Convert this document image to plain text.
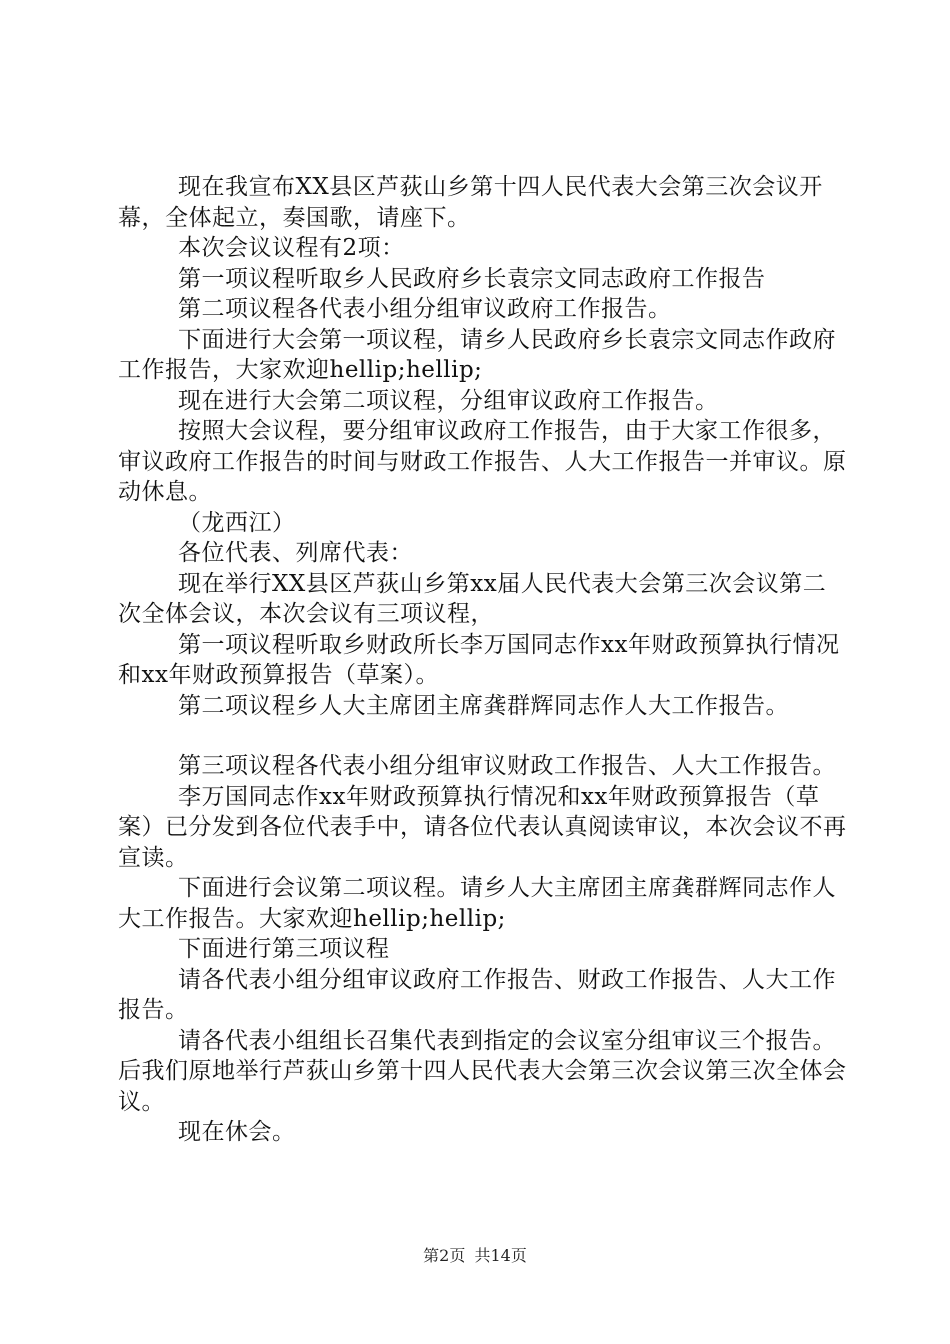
现在我宣布XX县区芦荻山乡第十四人民代表大会第三次会议开幕，全体起立，奏国歌，请座下。

本次会议议程有2项：

第一项议程听取乡人民政府乡长袁宗文同志政府工作报告

第二项议程各代表小组分组审议政府工作报告。

下面进行大会第一项议程，请乡人民政府乡长袁宗文同志作政府工作报告，大家欢迎hellip;hellip;

现在进行大会第二项议程，分组审议政府工作报告。

按照大会议程，要分组审议政府工作报告，由于大家工作很多，审议政府工作报告的时间与财政工作报告、人大工作报告一并审议。原动休息。

（龙西江）

各位代表、列席代表：

现在举行XX县区芦荻山乡第xx届人民代表大会第三次会议第二次全体会议，本次会议有三项议程，

第一项议程听取乡财政所长李万国同志作xx年财政预算执行情况和xx年财政预算报告（草案）。

第二项议程乡人大主席团主席龚群辉同志作人大工作报告。

第三项议程各代表小组分组审议财政工作报告、人大工作报告。

李万国同志作xx年财政预算执行情况和xx年财政预算报告（草案）已分发到各位代表手中，请各位代表认真阅读审议，本次会议不再宣读。

下面进行会议第二项议程。请乡人大主席团主席龚群辉同志作人大工作报告。大家欢迎hellip;hellip;

下面进行第三项议程

请各代表小组分组审议政府工作报告、财政工作报告、人大工作报告。

请各代表小组组长召集代表到指定的会议室分组审议三个报告。后我们原地举行芦荻山乡第十四人民代表大会第三次会议第三次全体会议。

现在休会。

第2页 共14页
